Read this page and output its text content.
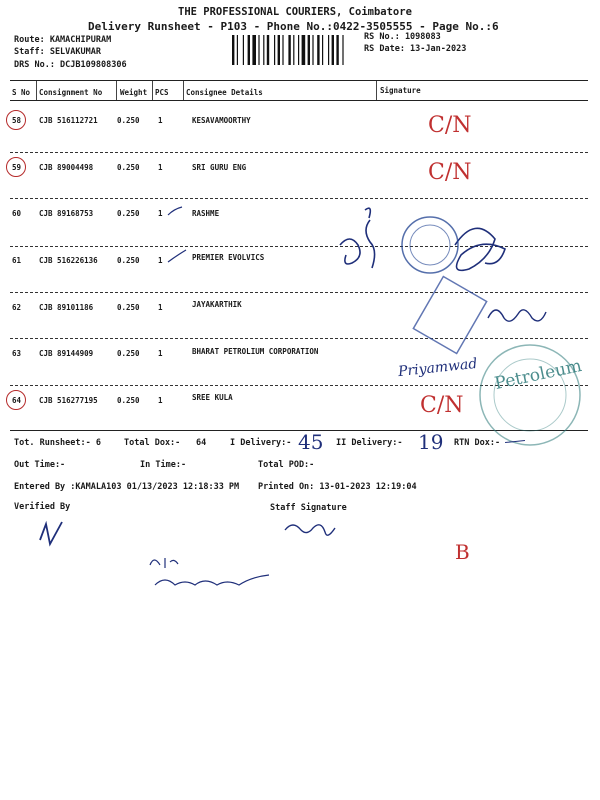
THE PROFESSIONAL COURIERS, Coimbatore
Delivery Runsheet - P103 - Phone No.:0422-3505555 - Page No.:6
Route: KAMACHIPURAM
Staff: SELVAKUMAR
DRS No.: DCJB109808306
RS No.: 1098083
RS Date: 13-Jan-2023
S No Consignment No Weight PCS Consignee Details	Signature
58 CJB 516112721	0.250 1	KESAVAMOORTHY
59 CJB 89004498	0.250 1	SRI GURU ENG
60 CJB 89168753	0.250 1	RASHME
61 CJB 516226136	0.250 1	PREMIER EVOLVICS
62 CJB 89101186	0.250 1	JAYAKARTHIK
63 CJB 89144909	0.250 1	BHARAT PETROLIUM CORPORATION
64 CJB 516277195	0.250 1	SREE KULA
C/N
C/N
C/N
Petroleum
Priyamwad
B
Tot. Runsheet:- 6	Total Dox:- 64	I Delivery:- 45 II Delivery:- 19 RTN Dox:-
Out Time:-	In Time:-	Total POD:-
Entered By :KAMALA103 01/13/2023 12:18:33 PM Printed On: 13-01-2023 12:19:04
Verified By	Staff Signature
